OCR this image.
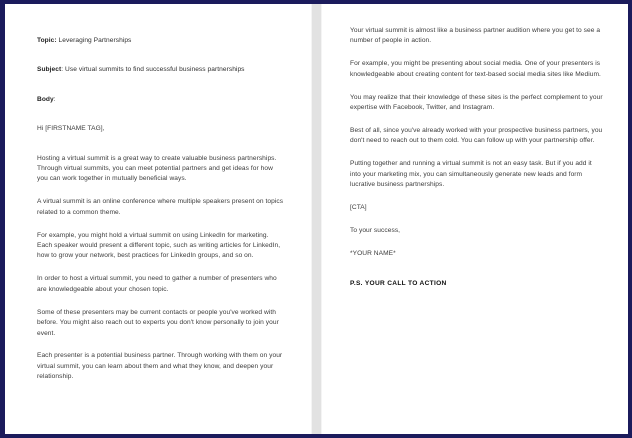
Topic: Leveraging Partnerships
Subject: Use virtual summits to find successful business partnerships
Body:
Hi [FIRSTNAME TAG],

Hosting a virtual summit is a great way to create valuable business partnerships. Through virtual summits, you can meet potential partners and get ideas for how you can work together in mutually beneficial ways.

A virtual summit is an online conference where multiple speakers present on topics related to a common theme.

For example, you might hold a virtual summit on using LinkedIn for marketing. Each speaker would present a different topic, such as writing articles for LinkedIn, how to grow your network, best practices for LinkedIn groups, and so on.

In order to host a virtual summit, you need to gather a number of presenters who are knowledgeable about your chosen topic.

Some of these presenters may be current contacts or people you've worked with before. You might also reach out to experts you don't know personally to join your event.

Each presenter is a potential business partner. Through working with them on your virtual summit, you can learn about them and what they know, and deepen your relationship.

Your virtual summit is almost like a business partner audition where you get to see a number of people in action.

For example, you might be presenting about social media. One of your presenters is knowledgeable about creating content for text-based social media sites like Medium.

You may realize that their knowledge of these sites is the perfect complement to your expertise with Facebook, Twitter, and Instagram.

Best of all, since you've already worked with your prospective business partners, you don't need to reach out to them cold. You can follow up with your partnership offer.

Putting together and running a virtual summit is not an easy task. But if you add it into your marketing mix, you can simultaneously generate new leads and form lucrative business partnerships.

[CTA]

To your success,

*YOUR NAME*

P.S. YOUR CALL TO ACTION
